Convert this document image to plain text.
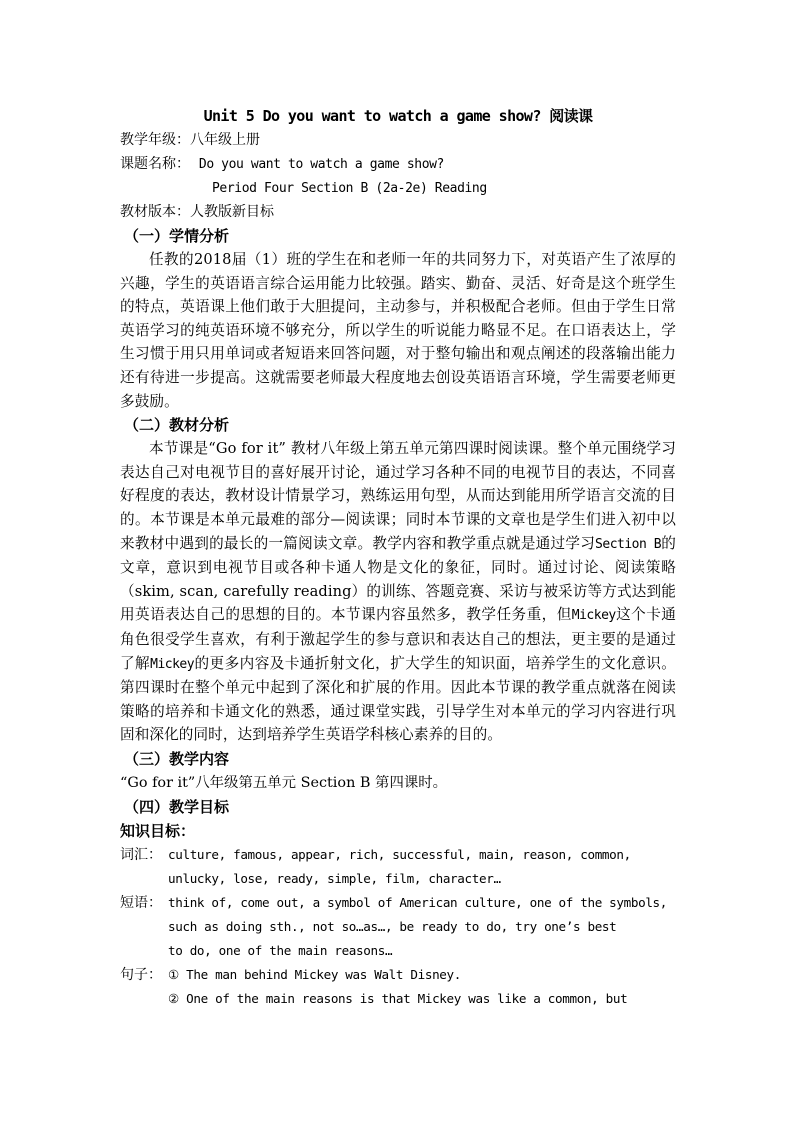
Unit 5 Do you want to watch a game show? 阅读课
教学年级：八年级上册
课题名称： Do you want to watch a game show?
Period Four Section B (2a-2e) Reading
教材版本：人教版新目标
（一）学情分析

任教的2018届（1）班的学生在和老师一年的共同努力下，对英语产生了浓厚的兴趣，学生的英语语言综合运用能力比较强。踏实、勤奋、灵活、好奇是这个班学生的特点，英语课上他们敢于大胆提问，主动参与，并积极配合老师。但由于学生日常英语学习的纯英语环境不够充分，所以学生的听说能力略显不足。在口语表达上，学生习惯于用只用单词或者短语来回答问题，对于整句输出和观点阐述的段落输出能力还有待进一步提高。这就需要老师最大程度地去创设英语语言环境，学生需要老师更多鼓励。

（二）教材分析

本节课是“Go for it” 教材八年级上第五单元第四课时阅读课。整个单元围绕学习表达自己对电视节目的喜好展开讨论，通过学习各种不同的电视节目的表达，不同喜好程度的表达，教材设计情景学习，熟练运用句型，从而达到能用所学语言交流的目的。本节课是本单元最难的部分—阅读课；同时本节课的文章也是学生们进入初中以来教材中遇到的最长的一篇阅读文章。教学内容和教学重点就是通过学习Section B的文章，意识到电视节目或各种卡通人物是文化的象征，同时。通过讨论、阅读策略（skim, scan, carefully reading）的训练、答题竞赛、采访与被采访等方式达到能用英语表达自己的思想的目的。本节课内容虽然多，教学任务重，但Mickey这个卡通角色很受学生喜欢，有利于激起学生的参与意识和表达自己的想法，更主要的是通过了解Mickey的更多内容及卡通折射文化，扩大学生的知识面，培养学生的文化意识。第四课时在整个单元中起到了深化和扩展的作用。因此本节课的教学重点就落在阅读策略的培养和卡通文化的熟悉，通过课堂实践，引导学生对本单元的学习内容进行巩固和深化的同时，达到培养学生英语学科核心素养的目的。

（三）教学内容
“Go for it”八年级第五单元 Section B 第四课时。
（四）教学目标
知识目标：
词汇： culture, famous, appear, rich, successful, main, reason, common,
unlucky, lose, ready, simple, film, character…
短语： think of, come out, a symbol of American culture, one of the symbols,
such as doing sth., not so…as…, be ready to do, try one’s best
to do, one of the main reasons…
句子： ① The man behind Mickey was Walt Disney.
② One of the main reasons is that Mickey was like a common, but
